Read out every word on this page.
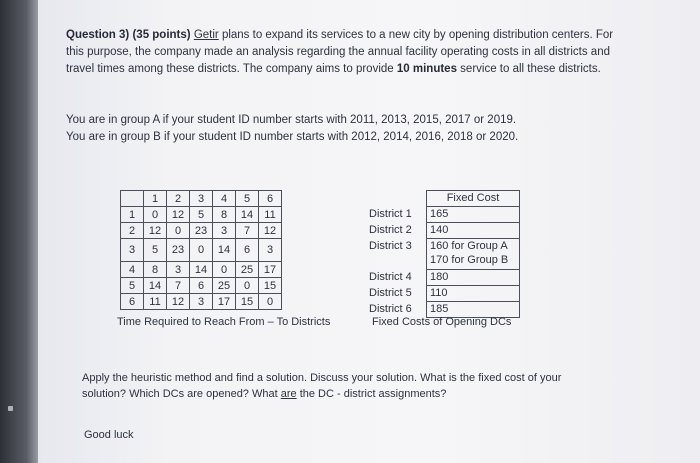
Question 3) (35 points) Getir plans to expand its services to a new city by opening distribution centers. For this purpose, the company made an analysis regarding the annual facility operating costs in all districts and travel times among these districts. The company aims to provide 10 minutes service to all these districts.
You are in group A if your student ID number starts with 2011, 2013, 2015, 2017 or 2019.
You are in group B if your student ID number starts with 2012, 2014, 2016, 2018 or 2020.
	1	2	3	4	5	6
1	0	12	5	8	14	11
2	12	0	23	3	7	12
3	5	23	0	14	6	3
4	8	3	14	0	25	17
5	14	7	6	25	0	15
6	11	12	3	17	15	0
Time Required to Reach From – To Districts
	Fixed Cost
District 1	165
District 2	140
District 3	160 for Group A
170 for Group B

District 4	180
District 5	110
District 6	185
Fixed Costs of Opening DCs
Apply the heuristic method and find a solution. Discuss your solution. What is the fixed cost of your solution? Which DCs are opened? What are the DC - district assignments?
Good luck
